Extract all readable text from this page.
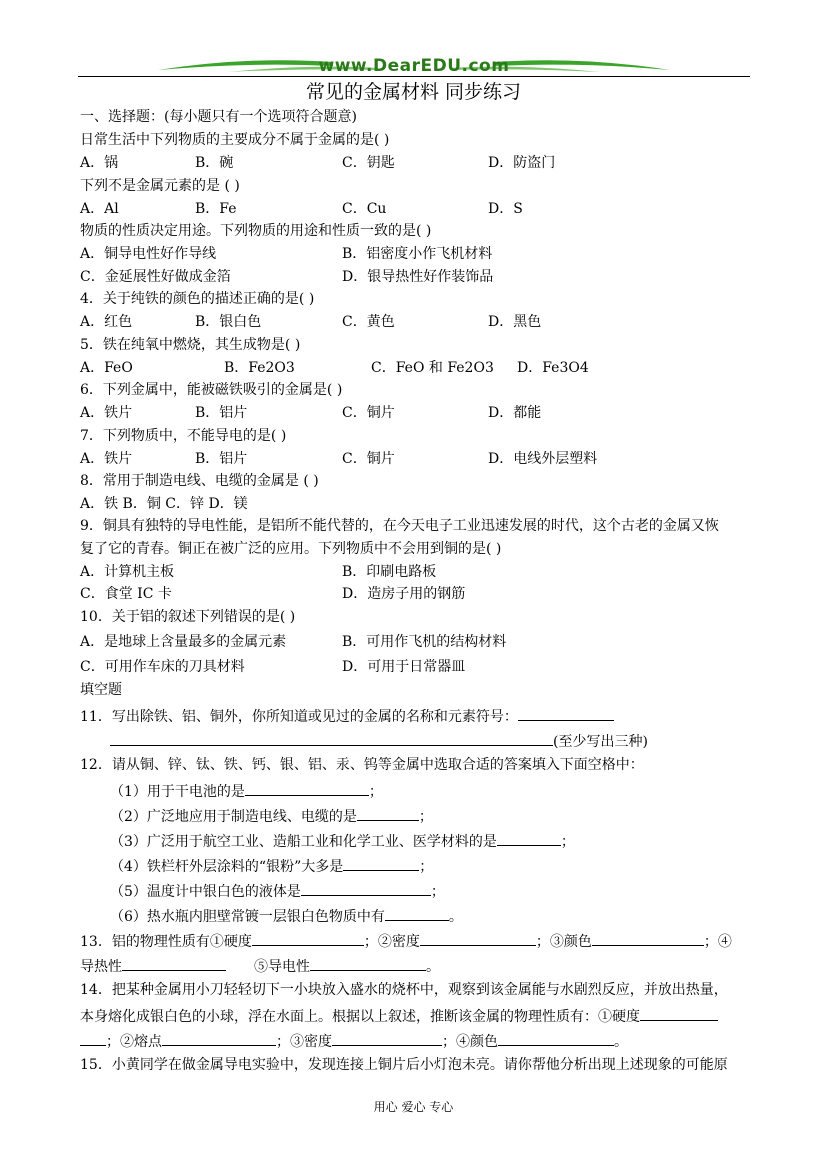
www.DearEDU.com
常见的金属材料 同步练习
一、选择题：(每小题只有一个选项符合题意)
日常生活中下列物质的主要成分不属于金属的是( )
A．锅	B．碗	C．钥匙	D．防盗门
下列不是金属元素的是 ( )
A．Al	B．Fe	C．Cu	D．S
物质的性质决定用途。下列物质的用途和性质一致的是( )
A．铜导电性好作导线	B．铝密度小作飞机材料
C．金延展性好做成金箔	D．银导热性好作装饰品
4．关于纯铁的颜色的描述正确的是( )
A．红色	B．银白色	C．黄色	D．黑色
5．铁在纯氧中燃烧，其生成物是( )
A．FeO	B．Fe2O3	C．FeO 和 Fe2O3 D．Fe3O4
6．下列金属中，能被磁铁吸引的金属是( )
A．铁片	B．铝片	C．铜片	D．都能
7．下列物质中，不能导电的是( )
A．铁片	B．铝片	C．铜片	D．电线外层塑料
8．常用于制造电线、电缆的金属是 ( )
A．铁 B．铜 C．锌 D．镁
9．铜具有独特的导电性能，是铝所不能代替的，在今天电子工业迅速发展的时代，这个古老的金属又恢
复了它的青春。铜正在被广泛的应用。下列物质中不会用到铜的是( )
A．计算机主板	B．印刷电路板
C．食堂 IC 卡	D．造房子用的钢筋
10．关于铝的叙述下列错误的是( )
A．是地球上含量最多的金属元素	B．可用作飞机的结构材料
C．可用作车床的刀具材料	D．可用于日常器皿
填空题
11．写出除铁、铝、铜外，你所知道或见过的金属的名称和元素符号：
(至少写出三种)
12．请从铜、锌、钛、铁、钙、银、铝、汞、钨等金属中选取合适的答案填入下面空格中：
（1）用于干电池的是	；
（2）广泛地应用于制造电线、电缆的是	；
（3）广泛用于航空工业、造船工业和化学工业、医学材料的是	；
（4）铁栏杆外层涂料的“银粉”大多是	；
（5）温度计中银白色的液体是	；
（6）热水瓶内胆壁常镀一层银白色物质中有	。
13．铝的物理性质有①硬度	；②密度	；③颜色	；④
导热性	⑤导电性	。
14．把某种金属用小刀轻轻切下一小块放入盛水的烧杯中，观察到该金属能与水剧烈反应，并放出热量，
本身熔化成银白色的小球，浮在水面上。根据以上叙述，推断该金属的物理性质有：①硬度
；②熔点	；③密度	；④颜色	。
15．小黄同学在做金属导电实验中，发现连接上铜片后小灯泡未亮。请你帮他分析出现上述现象的可能原
用心 爱心 专心
